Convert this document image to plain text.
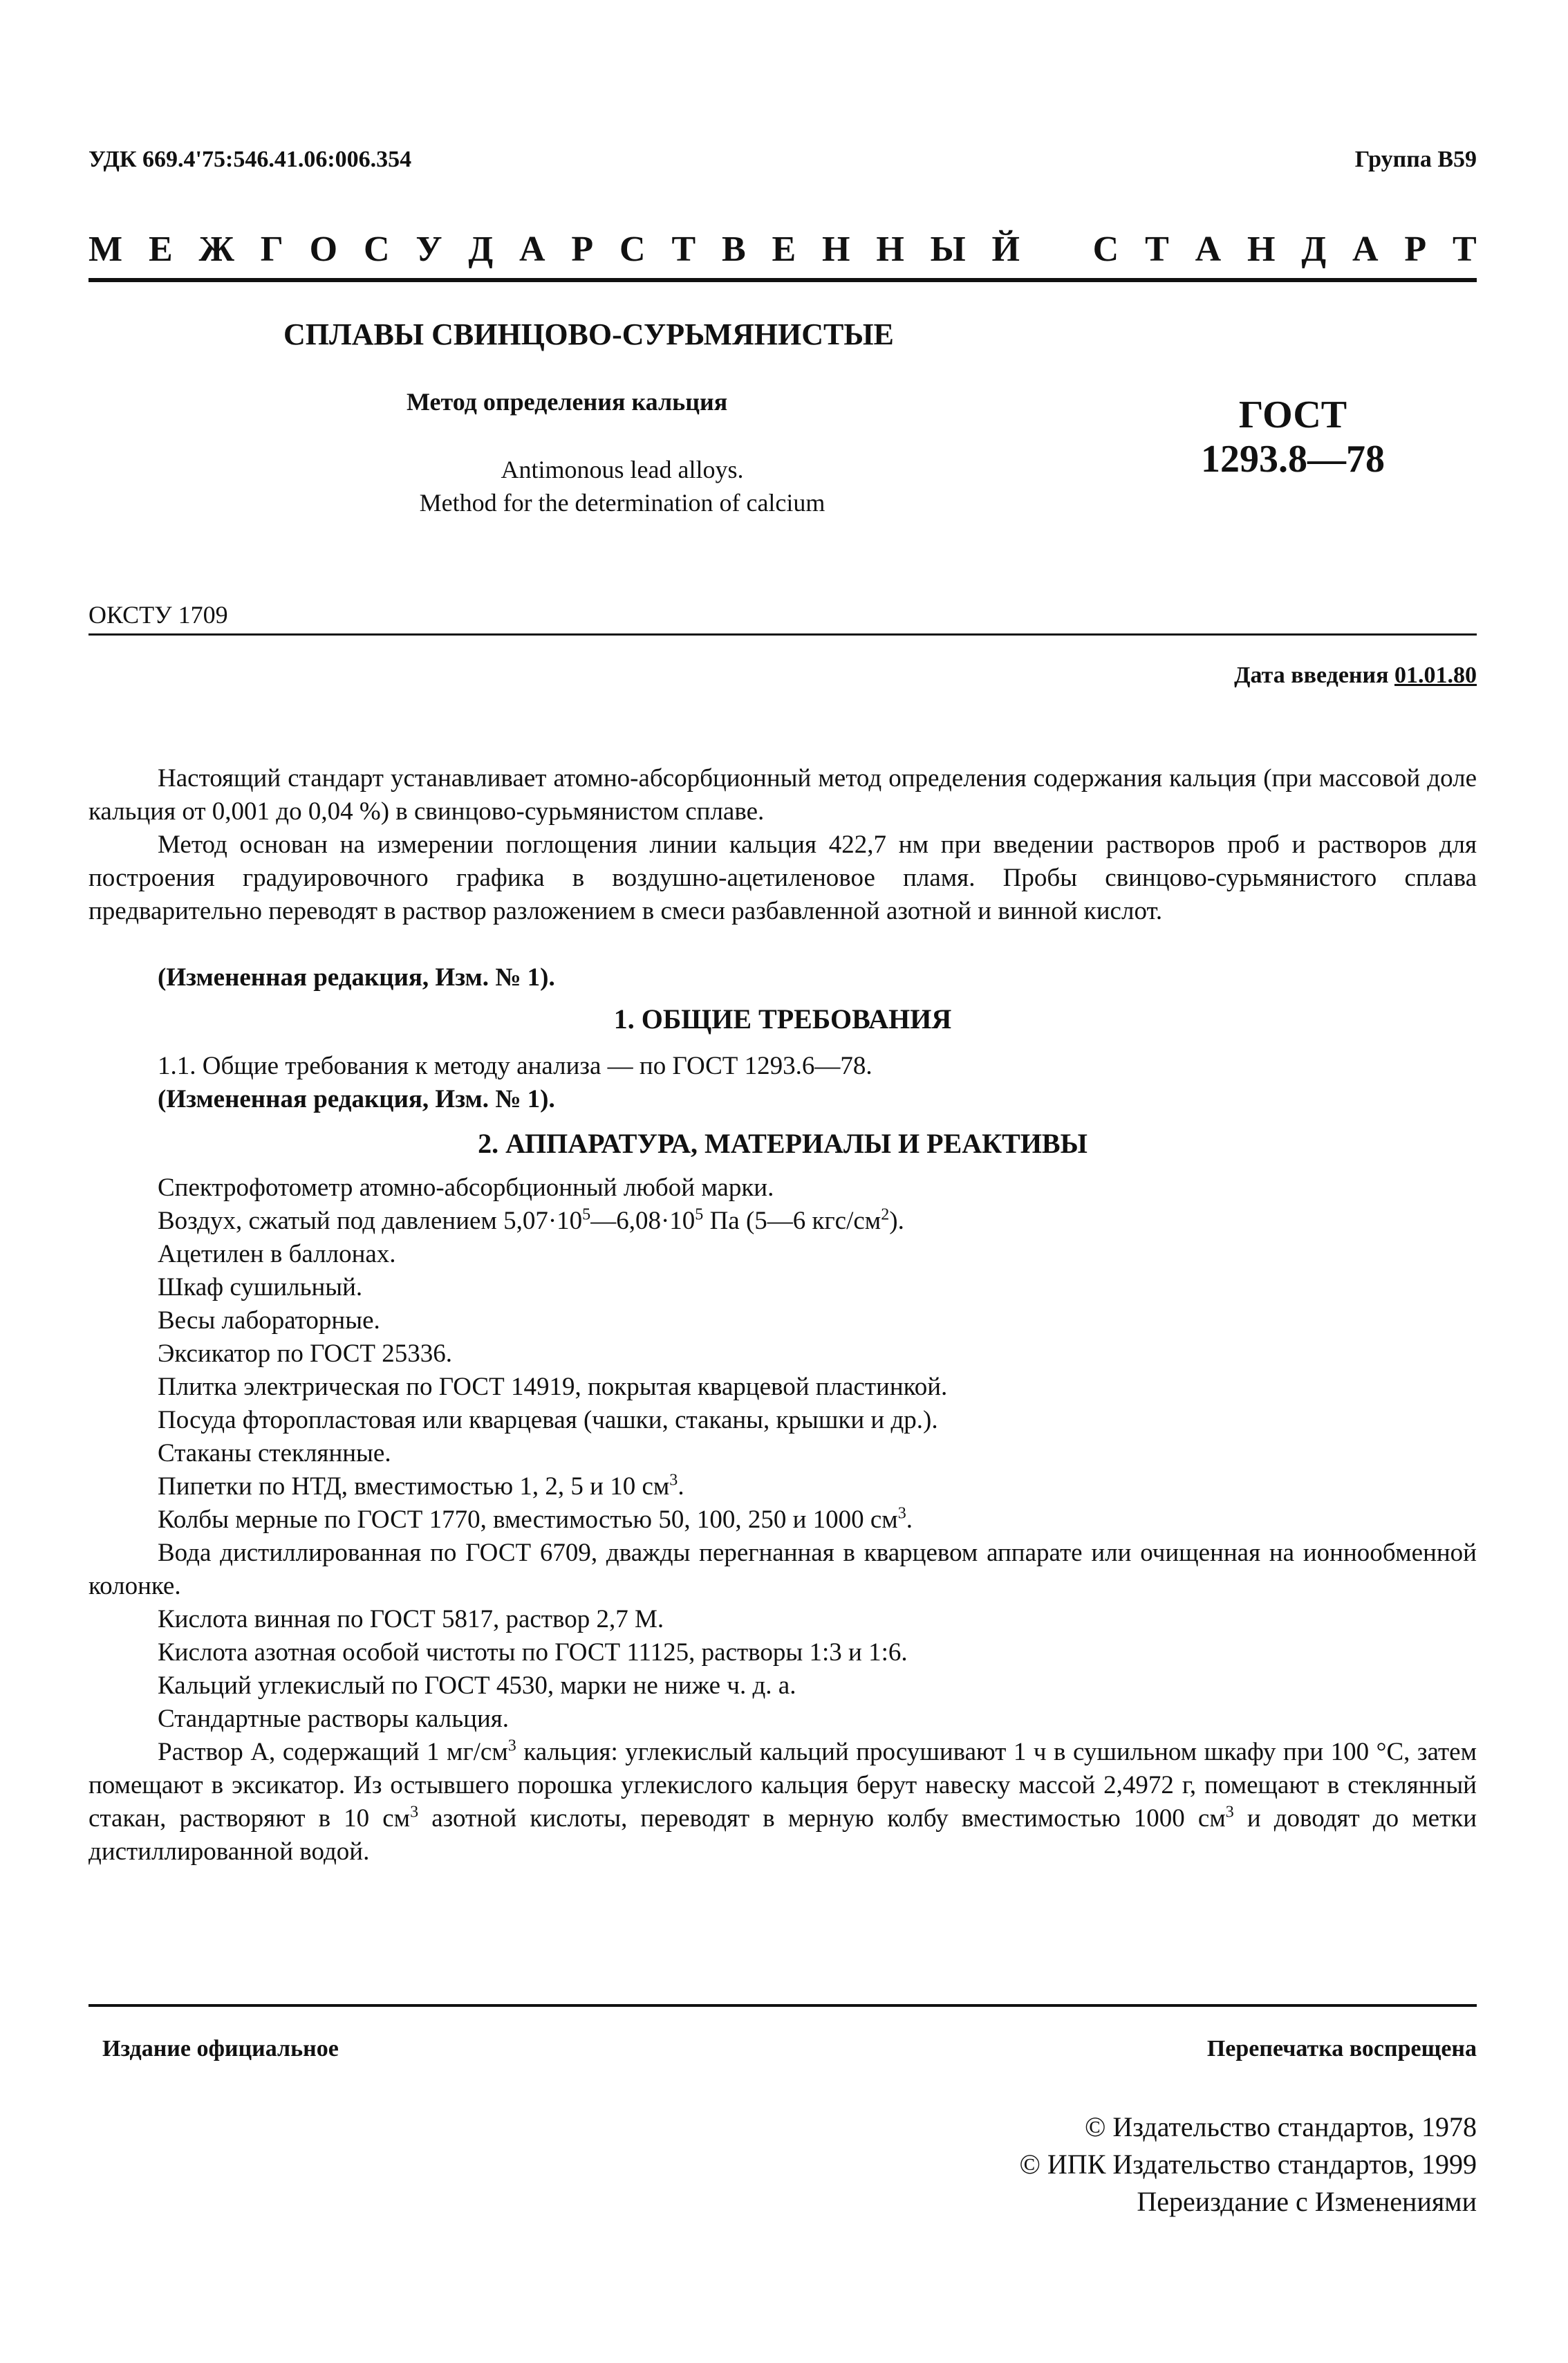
УДК 669.4'75:546.41.06:006.354	Группа В59
М Е Ж Г О С У Д А Р С Т В Е Н Н Ы Й С Т А Н Д А Р Т
СПЛАВЫ СВИНЦОВО-СУРЬМЯНИСТЫЕ
Метод определения кальция
Antimonous lead alloys.
Method for the determination of calcium
ГОСТ
1293.8—78
ОКСТУ 1709
Дата введения 01.01.80
Настоящий стандарт устанавливает атомно-абсорбционный метод определения содержания кальция (при массовой доле кальция от 0,001 до 0,04 %) в свинцово-сурьмянистом сплаве.
Метод основан на измерении поглощения линии кальция 422,7 нм при введении растворов проб и растворов для построения градуировочного графика в воздушно-ацетиленовое пламя. Пробы свинцово-сурьмянистого сплава предварительно переводят в раствор разложением в смеси разбавленной азотной и винной кислот.
(Измененная редакция, Изм. № 1).
1. ОБЩИЕ ТРЕБОВАНИЯ
1.1. Общие требования к методу анализа — по ГОСТ 1293.6—78.
(Измененная редакция, Изм. № 1).
2. АППАРАТУРА, МАТЕРИАЛЫ И РЕАКТИВЫ
Спектрофотометр атомно-абсорбционный любой марки.
Воздух, сжатый под давлением $5,07\cdot 10^5—6,08\cdot 10^5$ Па (5—6 кгс/$см^2$).
Ацетилен в баллонах.
Шкаф сушильный.
Весы лабораторные.
Эксикатор по ГОСТ 25336.
Плитка электрическая по ГОСТ 14919, покрытая кварцевой пластинкой.
Посуда фторопластовая или кварцевая (чашки, стаканы, крышки и др.).
Стаканы стеклянные.
Пипетки по НТД, вместимостью 1, 2, 5 и 10 $см^3$.
Колбы мерные по ГОСТ 1770, вместимостью 50, 100, 250 и 1000 $см^3$.
Вода дистиллированная по ГОСТ 6709, дважды перегнанная в кварцевом аппарате или очищенная на ионнообменной колонке.
Кислота винная по ГОСТ 5817, раствор 2,7 М.
Кислота азотная особой чистоты по ГОСТ 11125, растворы 1:3 и 1:6.
Кальций углекислый по ГОСТ 4530, марки не ниже ч. д. а.
Стандартные растворы кальция.
Раствор А, содержащий 1 $мг/см^3$ кальция: углекислый кальций просушивают 1 ч в сушильном шкафу при 100 °С, затем помещают в эксикатор. Из остывшего порошка углекислого кальция берут навеску массой 2,4972 г, помещают в стеклянный стакан, растворяют в 10 $см^3$ азотной кислоты, переводят в мерную колбу вместимостью 1000 $см^3$ и доводят до метки дистиллированной водой.
Издание официальное	Перепечатка воспрещена
© Издательство стандартов, 1978
© ИПК Издательство стандартов, 1999
Переиздание с Изменениями
